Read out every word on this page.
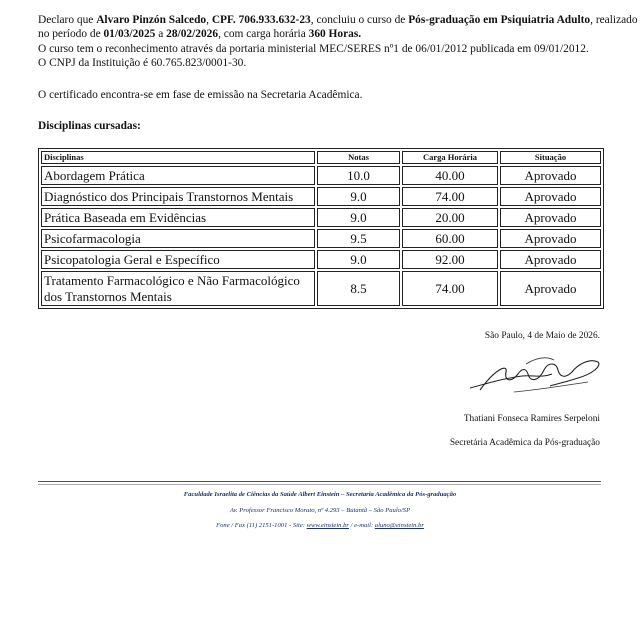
Declaro que Alvaro Pinzón Salcedo, CPF. 706.933.632-23, concluiu o curso de Pós-graduação em Psiquiatria Adulto, realizado
no período de 01/03/2025 a 28/02/2026, com carga horária 360 Horas.
O curso tem o reconhecimento através da portaria ministerial MEC/SERES nº1 de 06/01/2012 publicada em 09/01/2012.
O CNPJ da Instituição é 60.765.823/0001-30.
O certificado encontra-se em fase de emissão na Secretaria Acadêmica.
Disciplinas cursadas:
Disciplinas	Notas	Carga Horária	Situação
Abordagem Prática	10.0	40.00	Aprovado
Diagnóstico dos Principais Transtornos Mentais	9.0	74.00	Aprovado
Prática Baseada em Evidências	9.0	20.00	Aprovado
Psicofarmacologia	9.5	60.00	Aprovado
Psicopatologia Geral e Específico	9.0	92.00	Aprovado
Tratamento Farmacológico e Não Farmacológico
dos Transtornos Mentais	8.5	74.00	Aprovado
São Paulo, 4 de Maio de 2026.
Thatiani Fonseca Ramires Serpeloni
Secretária Acadêmica da Pós-graduação
Faculdade Israelita de Ciências da Saúde Albert Einstein – Secretaria Acadêmica da Pós-graduação
Av. Professor Francisco Morato, nº 4.293 – Butantã – São Paulo/SP
Fone / Fax (11) 2151-1001 - Site: www.einstein.br / e-mail: aluno@einstein.br
